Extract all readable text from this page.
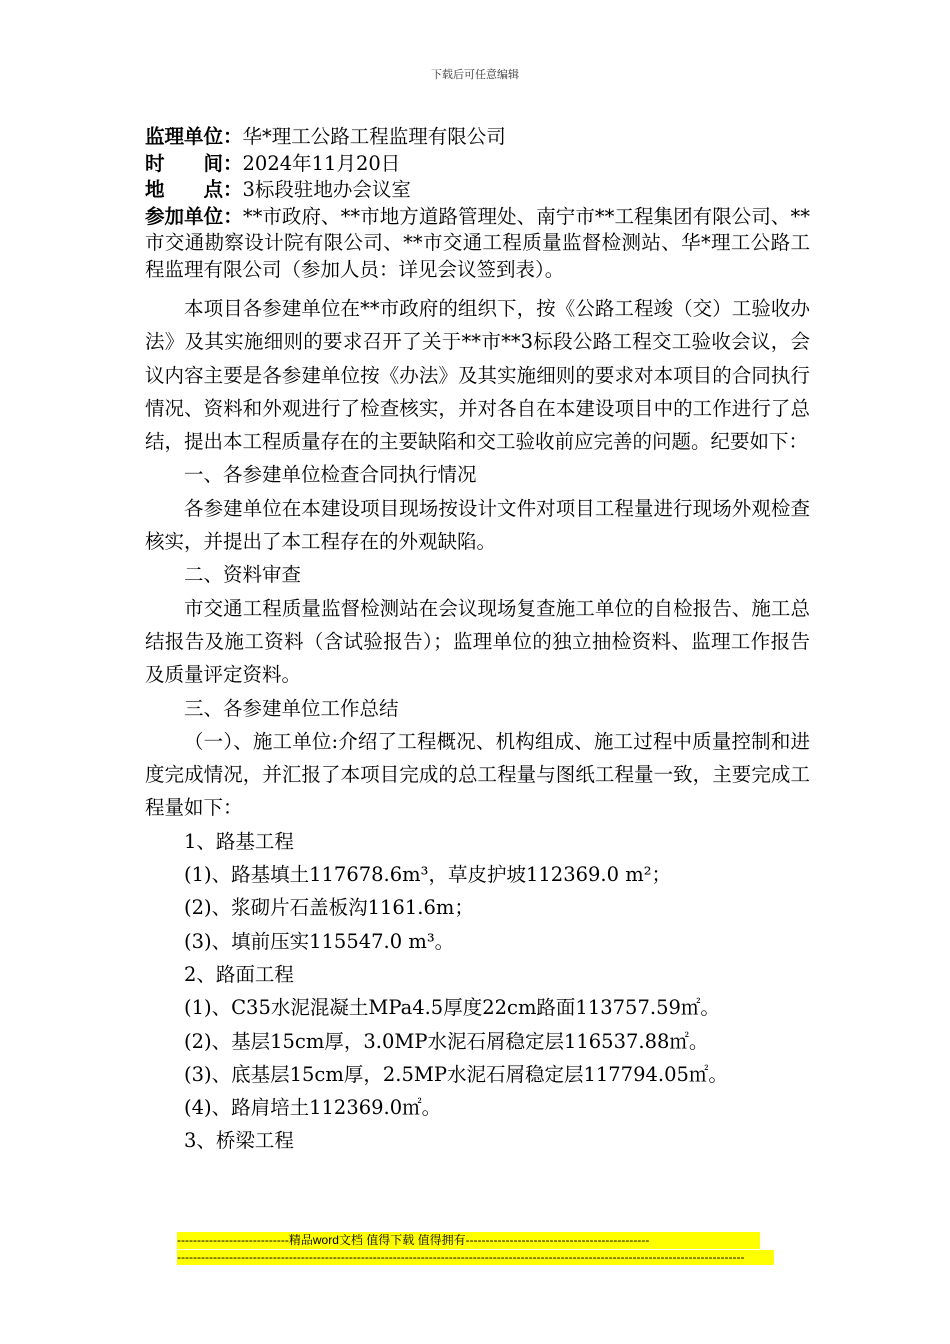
下载后可任意编辑
监理单位：华*理工公路工程监理有限公司
时　　间：2024年11月20日
地　　点：3标段驻地办会议室
参加单位：**市政府、**市地方道路管理处、南宁市**工程集团有限公司、**市交通勘察设计院有限公司、**市交通工程质量监督检测站、华*理工公路工程监理有限公司（参加人员：详见会议签到表）。

本项目各参建单位在**市政府的组织下，按《公路工程竣（交）工验收办法》及其实施细则的要求召开了关于**市**3标段公路工程交工验收会议，会议内容主要是各参建单位按《办法》及其实施细则的要求对本项目的合同执行情况、资料和外观进行了检查核实，并对各自在本建设项目中的工作进行了总结，提出本工程质量存在的主要缺陷和交工验收前应完善的问题。纪要如下：

一、各参建单位检查合同执行情况

各参建单位在本建设项目现场按设计文件对项目工程量进行现场外观检查核实，并提出了本工程存在的外观缺陷。

二、资料审查

市交通工程质量监督检测站在会议现场复查施工单位的自检报告、施工总结报告及施工资料（含试验报告）；监理单位的独立抽检资料、监理工作报告及质量评定资料。

三、各参建单位工作总结

（一）、施工单位:介绍了工程概况、机构组成、施工过程中质量控制和进度完成情况，并汇报了本项目完成的总工程量与图纸工程量一致，主要完成工程量如下：

1、路基工程

(1)、路基填土117678.6m³，草皮护坡112369.0 m²；

(2)、浆砌片石盖板沟1161.6m；

(3)、填前压实115547.0 m³。

2、路面工程

(1)、C35水泥混凝土MPa4.5厚度22cm路面113757.59㎡。

(2)、基层15cm厚，3.0MP水泥石屑稳定层116537.88㎡。

(3)、底基层15cm厚，2.5MP水泥石屑稳定层117794.05㎡。

(4)、路肩培土112369.0㎡。

3、桥梁工程

----------------------------精品word文档 值得下载 值得拥有----------------------------------------------
----------------------------------------------------------------------------------------------------------------------------------------------
